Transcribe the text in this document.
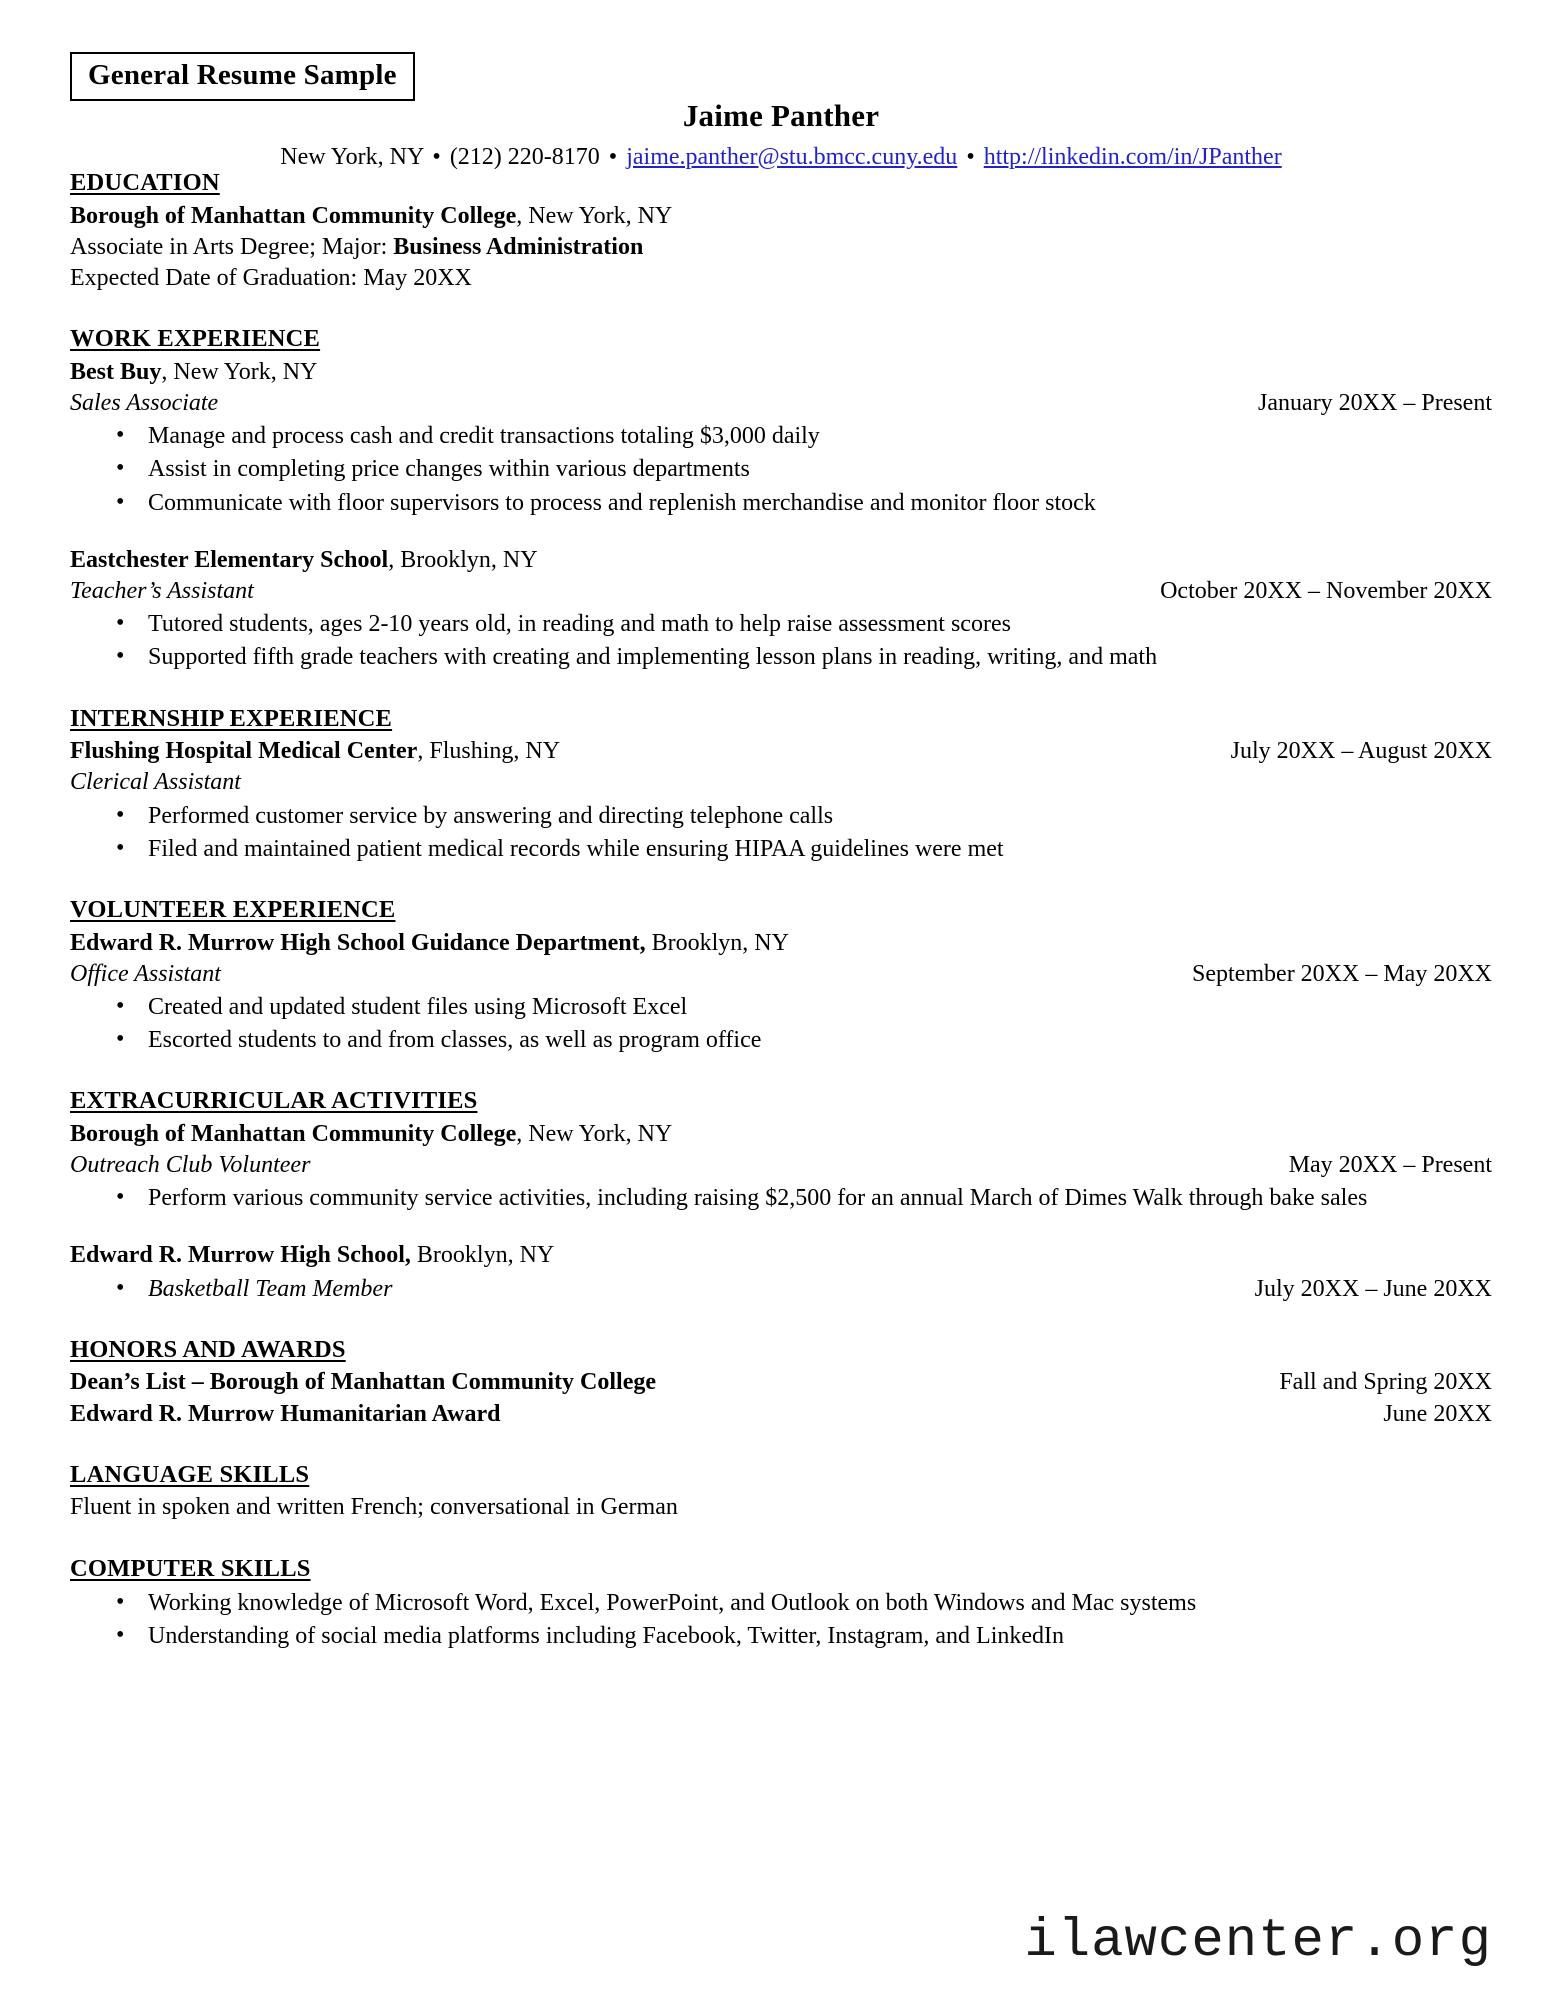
General Resume Sample
Jaime Panther
New York, NY • (212) 220-8170 • jaime.panther@stu.bmcc.cuny.edu • http://linkedin.com/in/JPanther
EDUCATION
Borough of Manhattan Community College, New York, NY
Associate in Arts Degree; Major: Business Administration
Expected Date of Graduation: May 20XX
WORK EXPERIENCE
Best Buy, New York, NY
Sales Associate	January 20XX – Present
• Manage and process cash and credit transactions totaling $3,000 daily
• Assist in completing price changes within various departments
• Communicate with floor supervisors to process and replenish merchandise and monitor floor stock
Eastchester Elementary School, Brooklyn, NY
Teacher’s Assistant	October 20XX – November 20XX
• Tutored students, ages 2-10 years old, in reading and math to help raise assessment scores
• Supported fifth grade teachers with creating and implementing lesson plans in reading, writing, and math
INTERNSHIP EXPERIENCE
Flushing Hospital Medical Center, Flushing, NY	July 20XX – August 20XX
Clerical Assistant
• Performed customer service by answering and directing telephone calls
• Filed and maintained patient medical records while ensuring HIPAA guidelines were met
VOLUNTEER EXPERIENCE
Edward R. Murrow High School Guidance Department, Brooklyn, NY
Office Assistant	September 20XX – May 20XX
• Created and updated student files using Microsoft Excel
• Escorted students to and from classes, as well as program office
EXTRACURRICULAR ACTIVITIES
Borough of Manhattan Community College, New York, NY
Outreach Club Volunteer	May 20XX – Present
• Perform various community service activities, including raising $2,500 for an annual March of Dimes Walk through bake sales
Edward R. Murrow High School, Brooklyn, NY
• Basketball Team Member	July 20XX – June 20XX
HONORS AND AWARDS
Dean’s List – Borough of Manhattan Community College	Fall and Spring 20XX
Edward R. Murrow Humanitarian Award	June 20XX
LANGUAGE SKILLS
Fluent in spoken and written French; conversational in German
COMPUTER SKILLS
• Working knowledge of Microsoft Word, Excel, PowerPoint, and Outlook on both Windows and Mac systems
• Understanding of social media platforms including Facebook, Twitter, Instagram, and LinkedIn
ilawcenter.org
